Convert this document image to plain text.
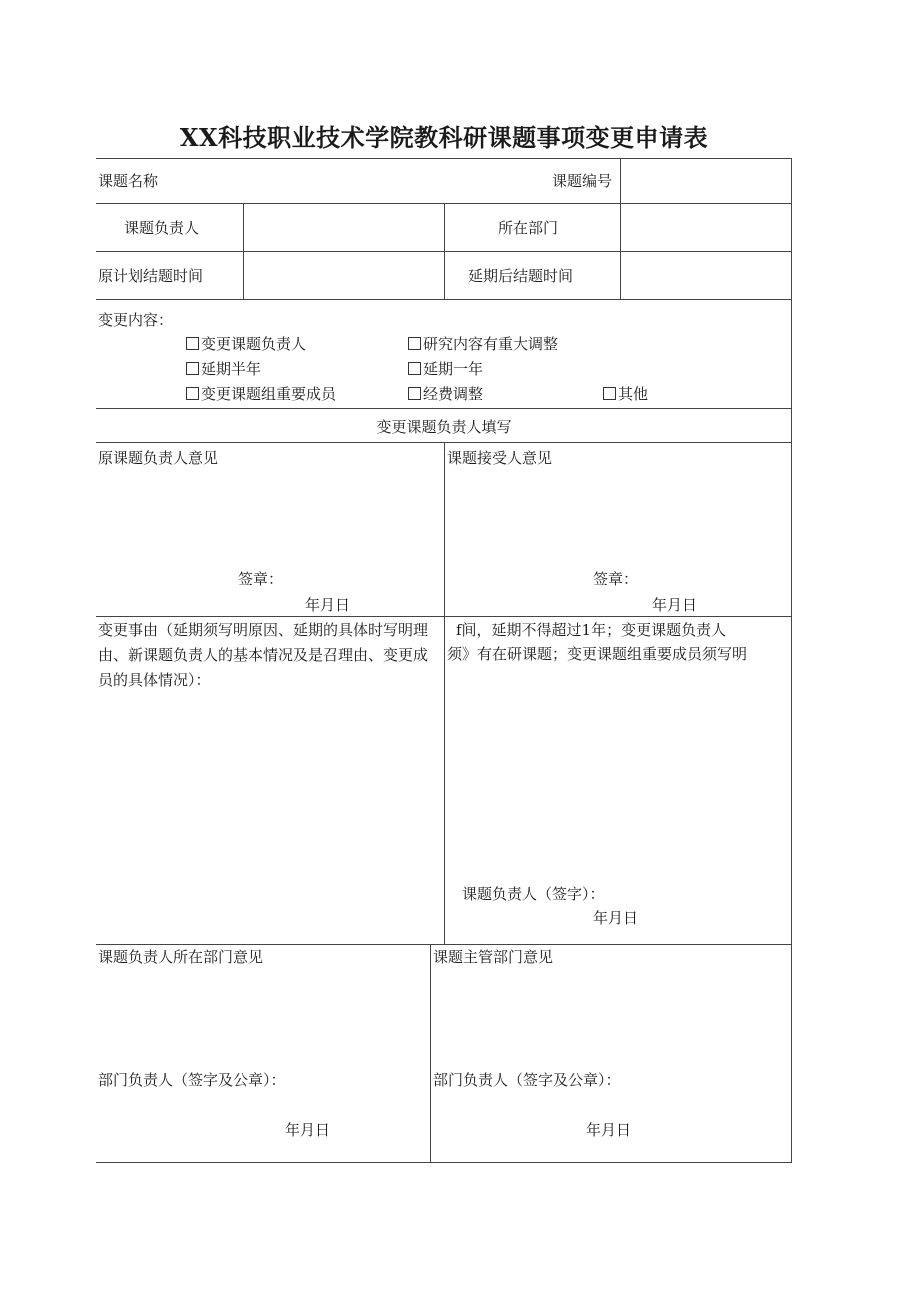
XX科技职业技术学院教科研课题事项变更申请表
课题名称	课题编号
课题负责人	所在部门
原计划结题时间	延期后结题时间
变更内容：
变更课题负责人	研究内容有重大调整
延期半年	延期一年
变更课题组重要成员	经费调整	其他
变更课题负责人填写
原课题负责人意见	课题接受人意见
签章：	签章：
年月日	年月日
变更事由（延期须写明原因、延期的具体时写明理由、新课题负责人的基本情况及是召理由、变更成员的具体情况）：
f间，延期不得超过1年；变更课题负责人
须》有在研课题；变更课题组重要成员须写明
课题负责人（签字）：
年月日
课题负责人所在部门意见	课题主管部门意见
部门负责人（签字及公章）：	部门负责人（签字及公章）：
年月日	年月日
